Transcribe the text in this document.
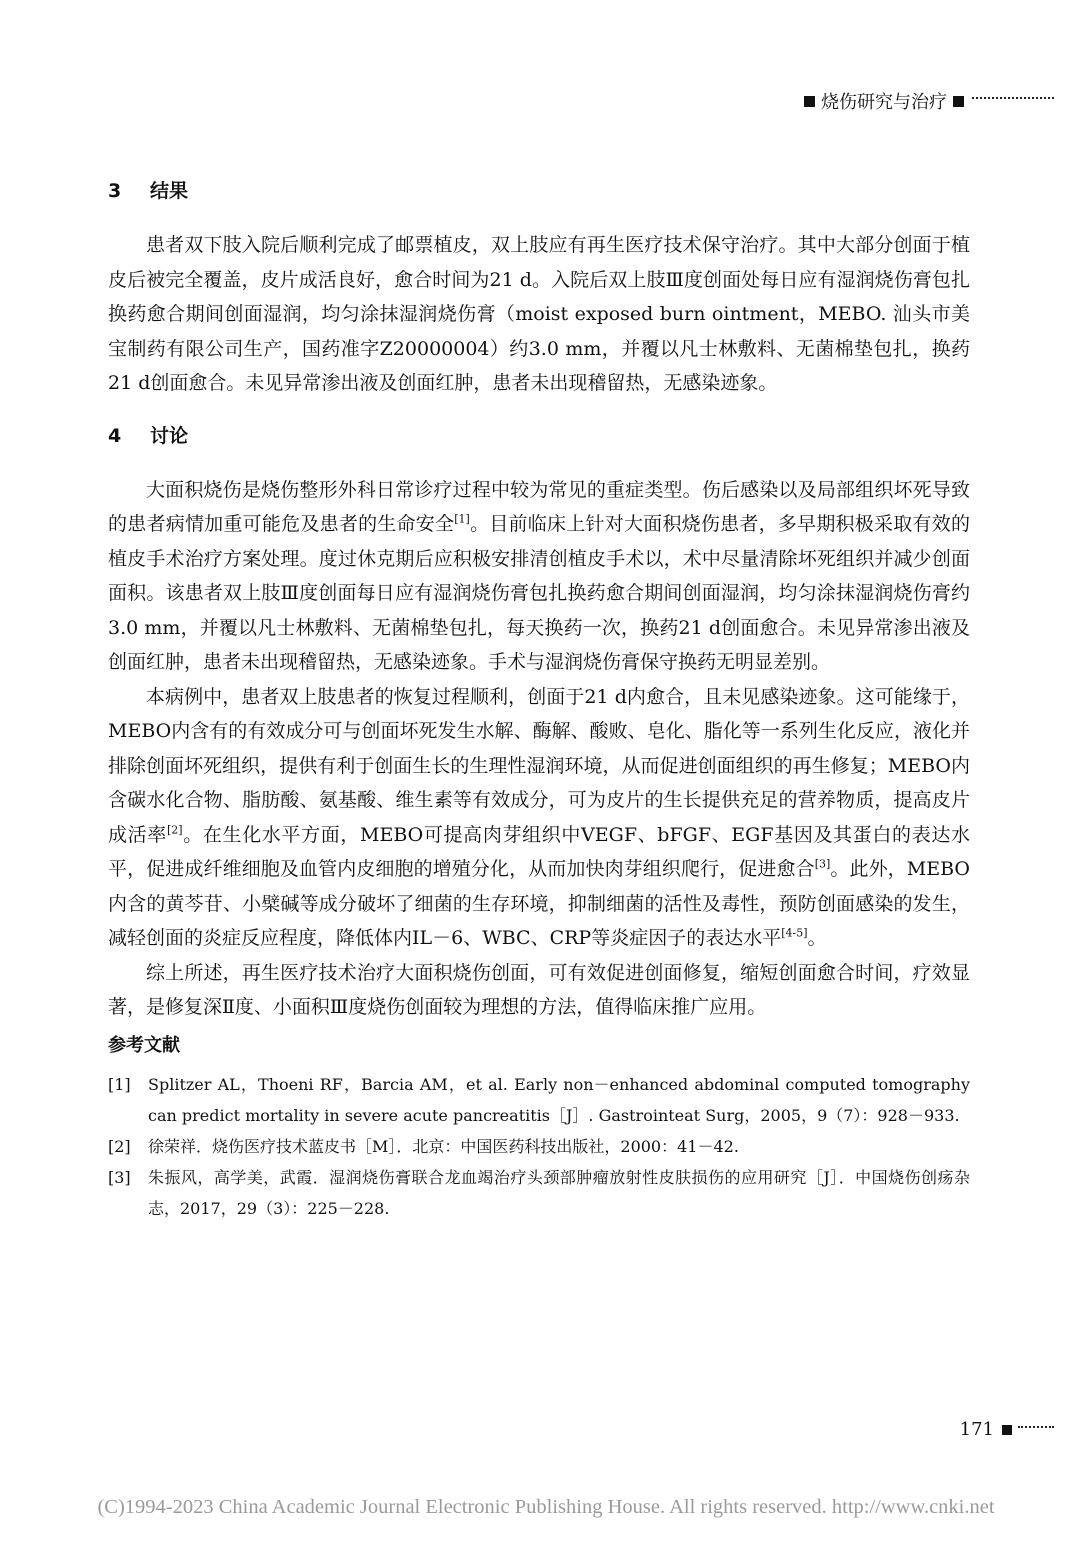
烧伤研究与治疗
3 结果

患者双下肢入院后顺利完成了邮票植皮，双上肢应有再生医疗技术保守治疗。其中大部分创面于植皮后被完全覆盖，皮片成活良好，愈合时间为21 d。入院后双上肢Ⅲ度创面处每日应有湿润烧伤膏包扎换药愈合期间创面湿润，均匀涂抹湿润烧伤膏（moist exposed burn ointment，MEBO. 汕头市美宝制药有限公司生产，国药准字Z20000004）约3.0 mm，并覆以凡士林敷料、无菌棉垫包扎，换药21 d创面愈合。未见异常渗出液及创面红肿，患者未出现稽留热，无感染迹象。

4 讨论

大面积烧伤是烧伤整形外科日常诊疗过程中较为常见的重症类型。伤后感染以及局部组织坏死导致的患者病情加重可能危及患者的生命安全[1]。目前临床上针对大面积烧伤患者，多早期积极采取有效的植皮手术治疗方案处理。度过休克期后应积极安排清创植皮手术以，术中尽量清除坏死组织并减少创面面积。该患者双上肢Ⅲ度创面每日应有湿润烧伤膏包扎换药愈合期间创面湿润，均匀涂抹湿润烧伤膏约3.0 mm，并覆以凡士林敷料、无菌棉垫包扎，每天换药一次，换药21 d创面愈合。未见异常渗出液及创面红肿，患者未出现稽留热，无感染迹象。手术与湿润烧伤膏保守换药无明显差别。

本病例中，患者双上肢患者的恢复过程顺利，创面于21 d内愈合，且未见感染迹象。这可能缘于，MEBO内含有的有效成分可与创面坏死发生水解、酶解、酸败、皂化、脂化等一系列生化反应，液化并排除创面坏死组织，提供有利于创面生长的生理性湿润环境，从而促进创面组织的再生修复；MEBO内含碳水化合物、脂肪酸、氨基酸、维生素等有效成分，可为皮片的生长提供充足的营养物质，提高皮片成活率[2]。在生化水平方面，MEBO可提高肉芽组织中VEGF、bFGF、EGF基因及其蛋白的表达水平，促进成纤维细胞及血管内皮细胞的增殖分化，从而加快肉芽组织爬行，促进愈合[3]。此外，MEBO内含的黄芩苷、小檗碱等成分破坏了细菌的生存环境，抑制细菌的活性及毒性，预防创面感染的发生，减轻创面的炎症反应程度，降低体内IL－6、WBC、CRP等炎症因子的表达水平[4-5]。

综上所述，再生医疗技术治疗大面积烧伤创面，可有效促进创面修复，缩短创面愈合时间，疗效显著，是修复深Ⅱ度、小面积Ⅲ度烧伤创面较为理想的方法，值得临床推广应用。

参考文献
[1]	Splitzer AL，Thoeni RF，Barcia AM，et al. Early non－enhanced abdominal computed tomography can predict mortality in severe acute pancreatitis［J］. Gastrointeat Surg，2005，9（7）：928－933.
[2]	徐荣祥．烧伤医疗技术蓝皮书［M］．北京：中国医药科技出版社，2000：41－42.
[3]	朱振风，高学美，武霞．湿润烧伤膏联合龙血竭治疗头颈部肿瘤放射性皮肤损伤的应用研究［J］．中国烧伤创疡杂志，2017，29（3）：225－228.
171
(C)1994-2023 China Academic Journal Electronic Publishing House. All rights reserved. http://www.cnki.net
